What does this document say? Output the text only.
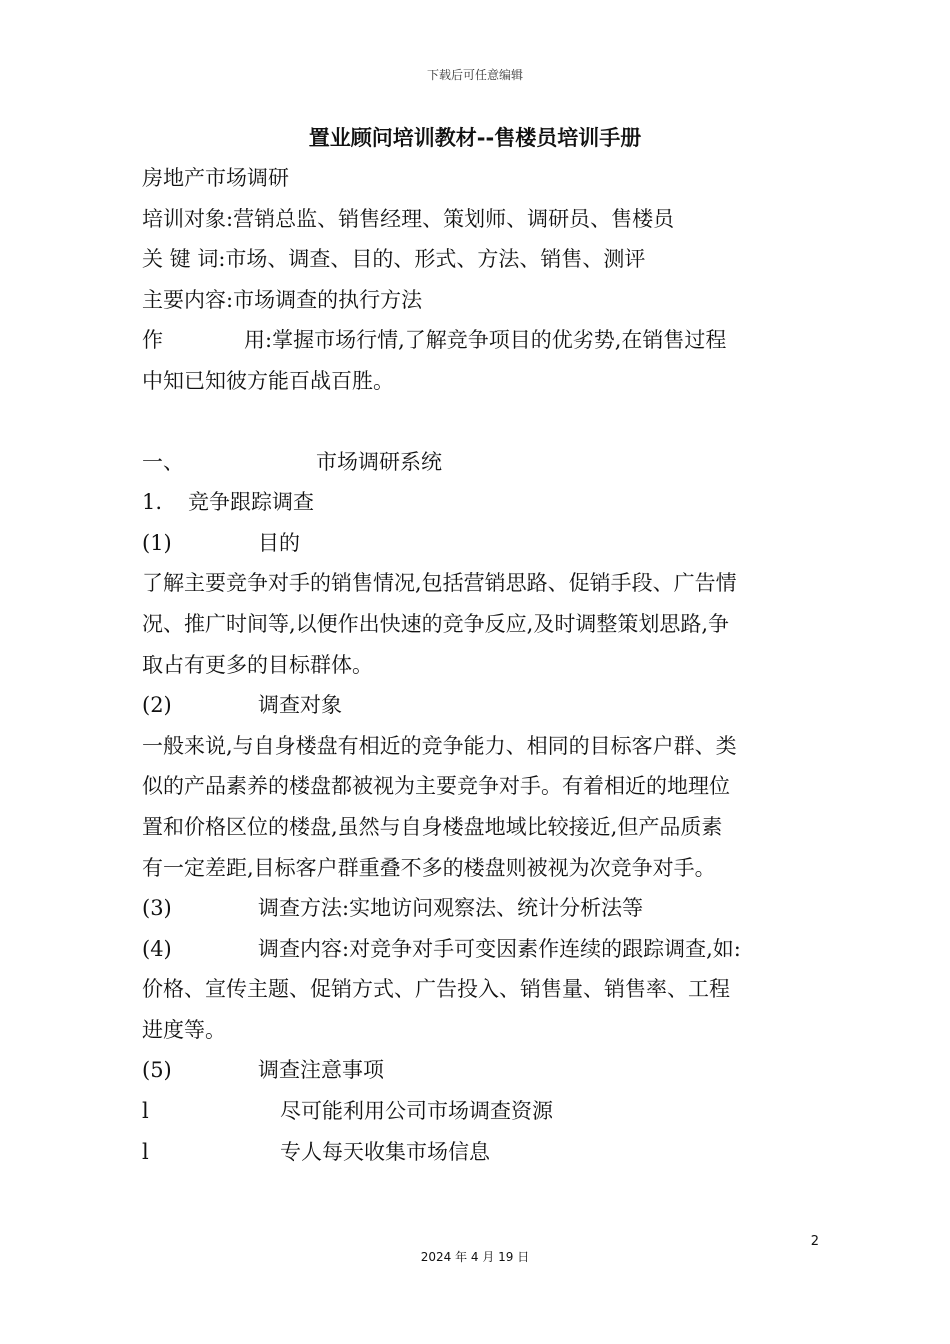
下载后可任意编辑
置业顾问培训教材--售楼员培训手册
房地产市场调研
培训对象:营销总监、销售经理、策划师、调研员、售楼员
关 键 词:市场、调查、目的、形式、方法、销售、测评
主要内容:市场调查的执行方法
作	用:掌握市场行情,了解竞争项目的优劣势,在销售过程
中知已知彼方能百战百胜。
一、	市场调研系统
1. 竞争跟踪调查
(1)	目的
了解主要竞争对手的销售情况,包括营销思路、促销手段、广告情
况、推广时间等,以便作出快速的竞争反应,及时调整策划思路,争
取占有更多的目标群体。
(2)	调查对象
一般来说,与自身楼盘有相近的竞争能力、相同的目标客户群、类
似的产品素养的楼盘都被视为主要竞争对手。有着相近的地理位
置和价格区位的楼盘,虽然与自身楼盘地域比较接近,但产品质素
有一定差距,目标客户群重叠不多的楼盘则被视为次竞争对手。
(3)	调查方法:实地访问观察法、统计分析法等
(4)	调查内容:对竞争对手可变因素作连续的跟踪调查,如:
价格、宣传主题、促销方式、广告投入、销售量、销售率、工程
进度等。
(5)	调查注意事项
l	尽可能利用公司市场调查资源
l	专人每天收集市场信息
2
2024 年 4 月 19 日
